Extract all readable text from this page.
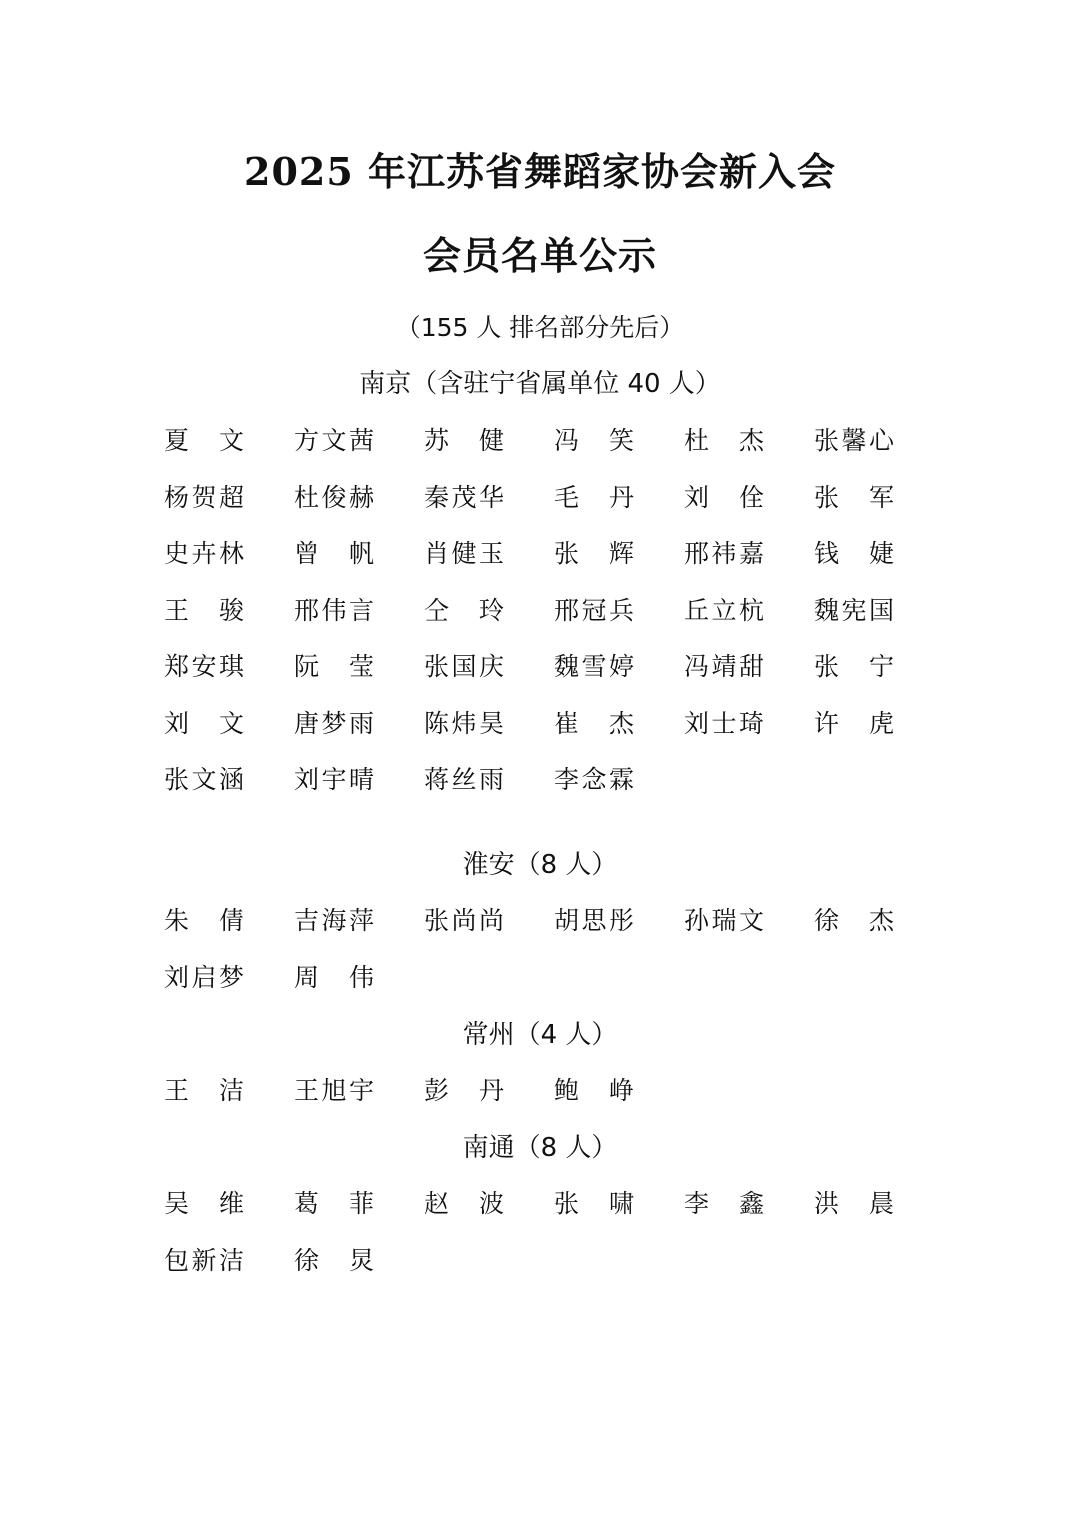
2025 年江苏省舞蹈家协会新入会
会员名单公示
（155 人 排名部分先后）
南京（含驻宁省属单位 40 人）
夏 文 方 文 茜 苏 健 冯 笑 杜 杰 张 馨 心
杨 贺 超 杜 俊 赫 秦 茂 华 毛 丹 刘 佺 张 军
史 卉 林 曾 帆 肖 健 玉 张 辉 邢 祎 嘉 钱 婕
王 骏 邢 伟 言 仝 玲 邢 冠 兵 丘 立 杭 魏 宪 国
郑 安 琪 阮 莹 张 国 庆 魏 雪 婷 冯 靖 甜 张 宁
刘 文 唐 梦 雨 陈 炜 昊 崔 杰 刘 士 琦 许 虎
张 文 涵 刘 宇 晴 蒋 丝 雨 李 念 霖
淮安（8 人）
朱 倩 吉 海 萍 张 尚 尚 胡 思 彤 孙 瑞 文 徐 杰
刘 启 梦 周 伟
常州（4 人）
王 洁 王 旭 宇 彭 丹 鲍 峥
南通（8 人）
吴 维 葛 菲 赵 波 张 啸 李 鑫 洪 晨
包 新 洁 徐 炅
